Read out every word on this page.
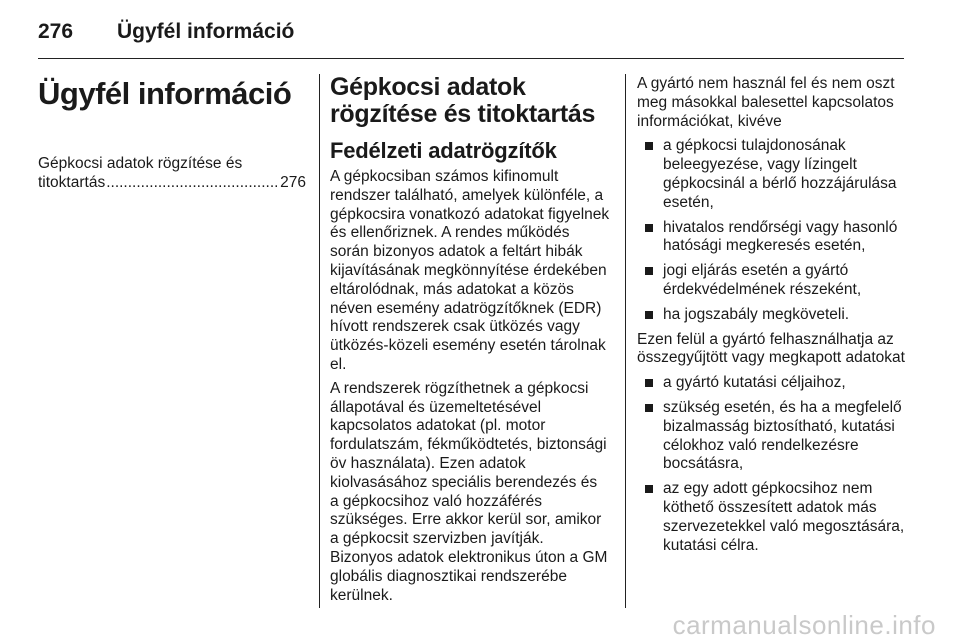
276 Ügyfél információ
Ügyfél információ
Gépkocsi adatok rögzítése és
titoktartás
.....	276
Gépkocsi adatok
rögzítése és titoktartás
Fedélzeti adatrögzítők

A gépkocsiban számos kifinomult rendszer található, amelyek különféle, a gépkocsira vonatkozó adatokat figyelnek és ellenőriznek. A rendes működés során bizonyos adatok a feltárt hibák kijavításának megkönnyítése érdekében eltárolódnak, más adatokat a közös néven esemény adatrögzítőknek (EDR) hívott rendszerek csak ütközés vagy ütközés-közeli esemény esetén tárolnak el.

A rendszerek rögzíthetnek a gépkocsi állapotával és üzemeltetésével kapcsolatos adatokat (pl. motor fordulatszám, fékműködtetés, biztonsági öv használata). Ezen adatok kiolvasásához speciális berendezés és a gépkocsihoz való hozzáférés szükséges. Erre akkor kerül sor, amikor a gépkocsit szervizben javítják. Bizonyos adatok elektronikus úton a GM globális diagnosztikai rendszerébe kerülnek.

A gyártó nem használ fel és nem oszt meg másokkal balesettel kapcsolatos információkat, kivéve

a gépkocsi tulajdonosának beleegyezése, vagy lízingelt gépkocsinál a bérlő hozzájárulása esetén,
hivatalos rendőrségi vagy hasonló hatósági megkeresés esetén,
jogi eljárás esetén a gyártó érdekvédelmének részeként,
ha jogszabály megköveteli.

Ezen felül a gyártó felhasználhatja az összegyűjtött vagy megkapott adatokat

a gyártó kutatási céljaihoz,
szükség esetén, és ha a megfelelő bizalmasság biztosítható, kutatási célokhoz való rendelkezésre bocsátásra,
az egy adott gépkocsihoz nem köthető összesített adatok más szervezetekkel való megosztására, kutatási célra.
carmanualsonline.info
